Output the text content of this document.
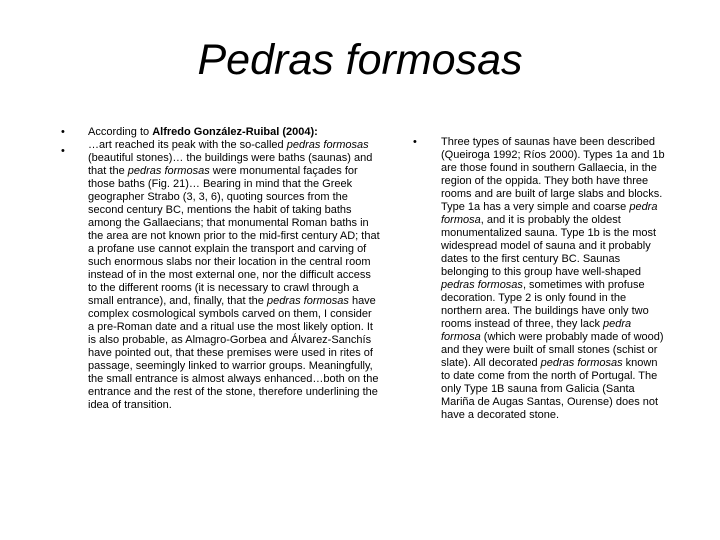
Pedras formosas
•
•
•

According to Alfredo González-Ruibal (2004):

…art reached its peak with the so-called pedras formosas (beautiful stones)… the buildings were baths (saunas) and that the pedras formosas were monumental façades for those baths (Fig. 21)… Bearing in mind that the Greek geographer Strabo (3, 3, 6), quoting sources from the second century BC, mentions the habit of taking baths among the Gallaecians; that monumental Roman baths in the area are not known prior to the mid-first century AD; that a profane use cannot explain the transport and carving of such enormous slabs nor their location in the central room instead of in the most external one, nor the difficult access to the different rooms (it is necessary to crawl through a small entrance), and, finally, that the pedras formosas have complex cosmological symbols carved on them, I consider a pre-Roman date and a ritual use the most likely option. It is also probable, as Almagro-Gorbea and Álvarez-Sanchís have pointed out, that these premises were used in rites of passage, seemingly linked to warrior groups. Meaningfully, the small entrance is almost always enhanced…both on the entrance and the rest of the stone, therefore underlining the idea of transition.

Three types of saunas have been described (Queiroga 1992; Ríos 2000). Types 1a and 1b are those found in southern Gallaecia, in the region of the oppida. They both have three rooms and are built of large slabs and blocks. Type 1a has a very simple and coarse pedra formosa, and it is probably the oldest monumentalized sauna. Type 1b is the most widespread model of sauna and it probably dates to the first century BC. Saunas belonging to this group have well-shaped pedras formosas, sometimes with profuse decoration. Type 2 is only found in the northern area. The buildings have only two rooms instead of three, they lack pedra formosa (which were probably made of wood) and they were built of small stones (schist or slate). All decorated pedras formosas known to date come from the north of Portugal. The only Type 1B sauna from Galicia (Santa Mariña de Augas Santas, Ourense) does not have a decorated stone.
